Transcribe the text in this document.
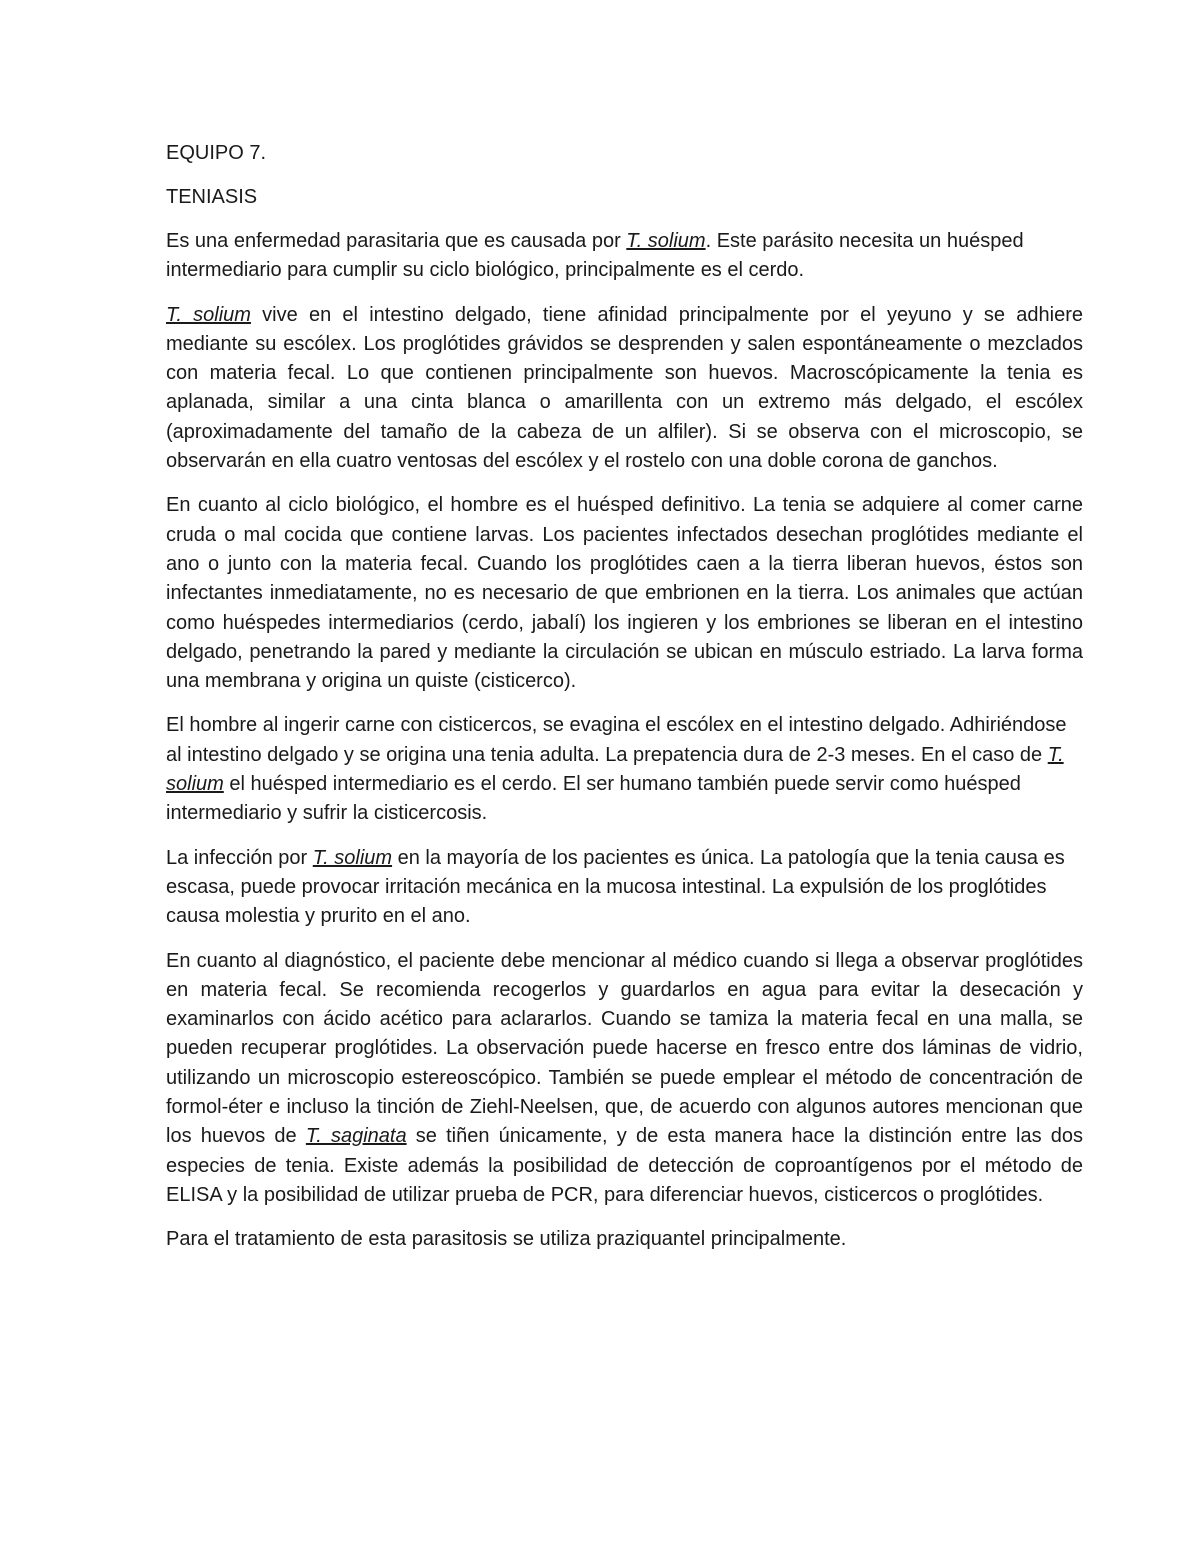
EQUIPO 7.

TENIASIS

Es una enfermedad parasitaria que es causada por T. solium. Este parásito necesita un huésped intermediario para cumplir su ciclo biológico, principalmente es el cerdo.

T. solium vive en el intestino delgado, tiene afinidad principalmente por el yeyuno y se adhiere mediante su escólex. Los proglótides grávidos se desprenden y salen espontáneamente o mezclados con materia fecal. Lo que contienen principalmente son huevos. Macroscópicamente la tenia es aplanada, similar a una cinta blanca o amarillenta con un extremo más delgado, el escólex (aproximadamente del tamaño de la cabeza de un alfiler). Si se observa con el microscopio, se observarán en ella cuatro ventosas del escólex y el rostelo con una doble corona de ganchos.

En cuanto al ciclo biológico, el hombre es el huésped definitivo. La tenia se adquiere al comer carne cruda o mal cocida que contiene larvas. Los pacientes infectados desechan proglótides mediante el ano o junto con la materia fecal. Cuando los proglótides caen a la tierra liberan huevos, éstos son infectantes inmediatamente, no es necesario de que embrionen en la tierra. Los animales que actúan como huéspedes intermediarios (cerdo, jabalí) los ingieren y los embriones se liberan en el intestino delgado, penetrando la pared y mediante la circulación se ubican en músculo estriado. La larva forma una membrana y origina un quiste (cisticerco).

El hombre al ingerir carne con cisticercos, se evagina el escólex en el intestino delgado. Adhiriéndose al intestino delgado y se origina una tenia adulta. La prepatencia dura de 2-3 meses. En el caso de T. solium el huésped intermediario es el cerdo. El ser humano también puede servir como huésped intermediario y sufrir la cisticercosis.

La infección por T. solium en la mayoría de los pacientes es única. La patología que la tenia causa es escasa, puede provocar irritación mecánica en la mucosa intestinal. La expulsión de los proglótides causa molestia y prurito en el ano.

En cuanto al diagnóstico, el paciente debe mencionar al médico cuando si llega a observar proglótides en materia fecal. Se recomienda recogerlos y guardarlos en agua para evitar la desecación y examinarlos con ácido acético para aclararlos. Cuando se tamiza la materia fecal en una malla, se pueden recuperar proglótides. La observación puede hacerse en fresco entre dos láminas de vidrio, utilizando un microscopio estereoscópico. También se puede emplear el método de concentración de formol-éter e incluso la tinción de Ziehl-Neelsen, que, de acuerdo con algunos autores mencionan que los huevos de T. saginata se tiñen únicamente, y de esta manera hace la distinción entre las dos especies de tenia. Existe además la posibilidad de detección de coproantígenos por el método de ELISA y la posibilidad de utilizar prueba de PCR, para diferenciar huevos, cisticercos o proglótides.

Para el tratamiento de esta parasitosis se utiliza praziquantel principalmente.
